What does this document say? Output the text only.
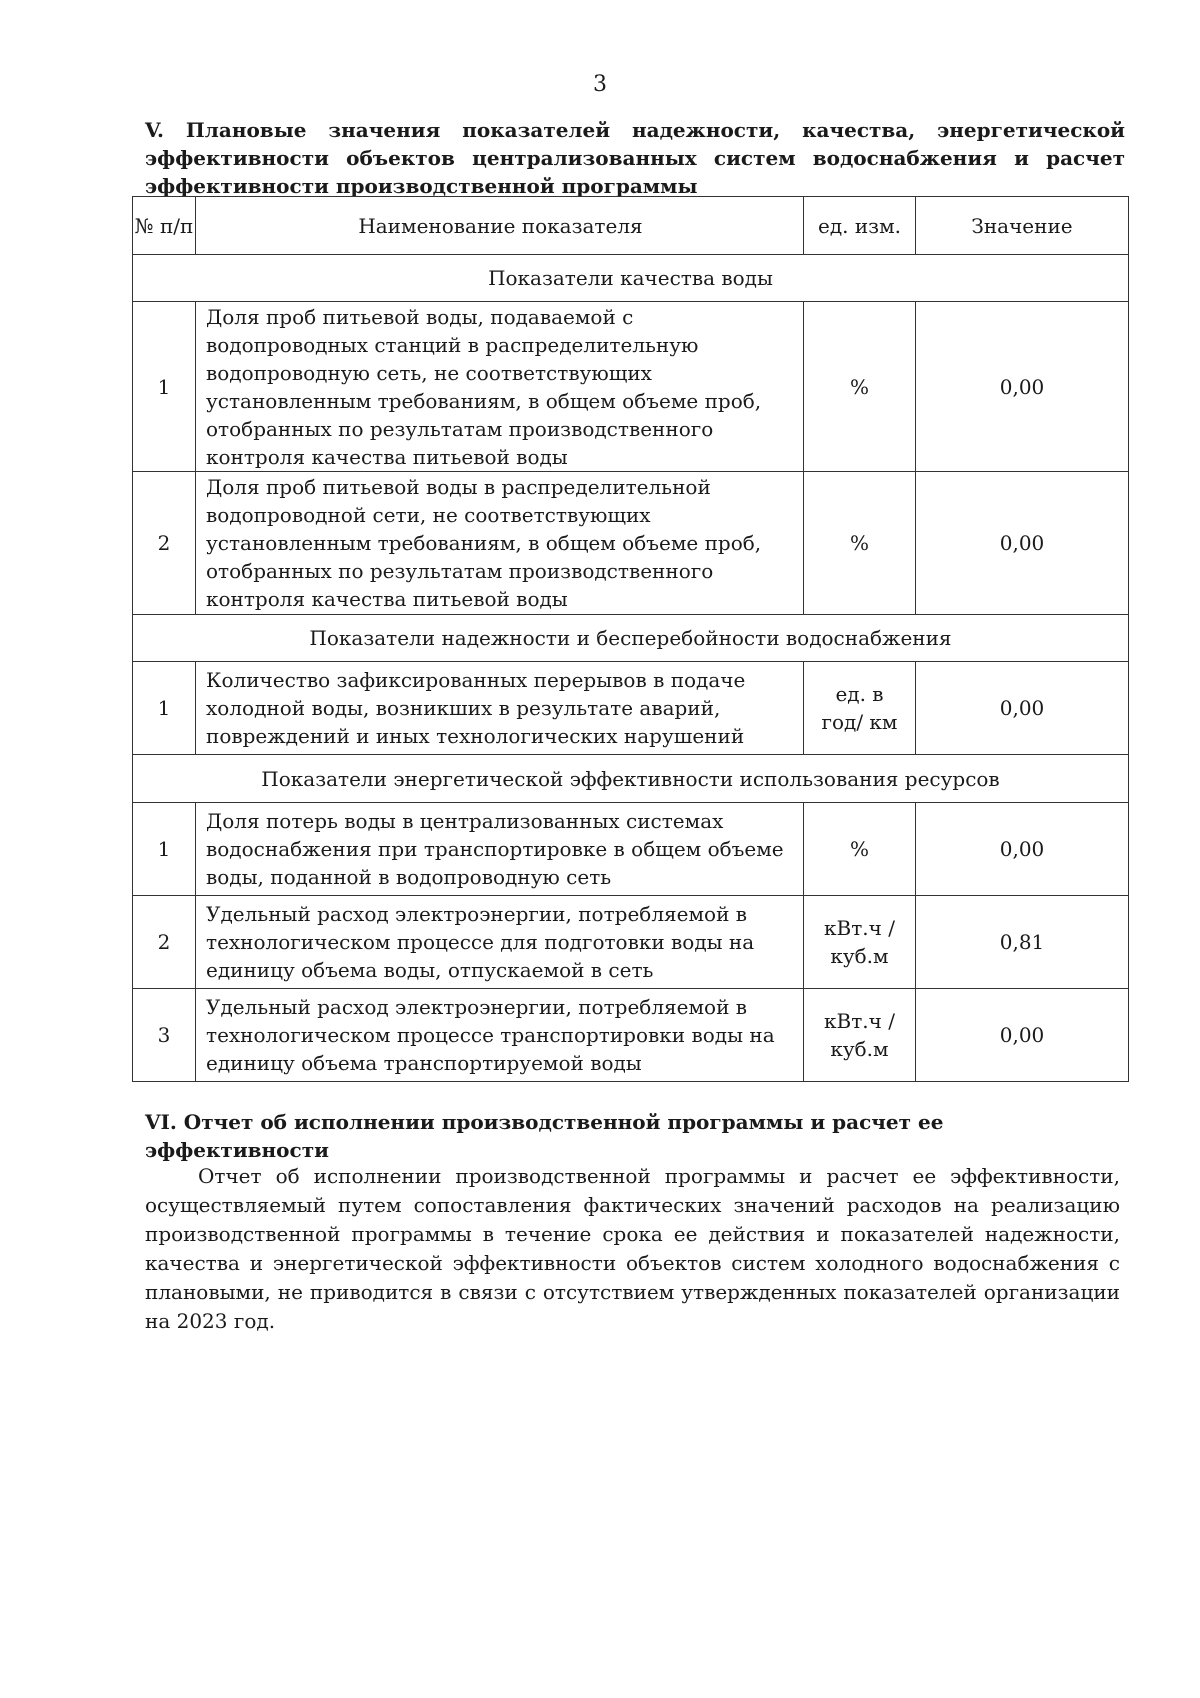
3
V. Плановые значения показателей надежности, качества, энергетической
эффективности объектов централизованных систем водоснабжения и расчет
эффективности производственной программы
№ п/п	Наименование показателя	ед. изм.	Значение
Показатели качества воды			
1	Доля проб питьевой воды, подаваемой с водопроводных станций в распределительную водопроводную сеть, не соответствующих установленным требованиям, в общем объеме проб, отобранных по результатам производственного контроля качества питьевой воды	%	0,00
2	Доля проб питьевой воды в распределительной водопроводной сети, не соответствующих установленным требованиям, в общем объеме проб, отобранных по результатам производственного контроля качества питьевой воды	%	0,00
Показатели надежности и бесперебойности водоснабжения			
1	Количество зафиксированных перерывов в подаче холодной воды, возникших в результате аварий, повреждений и иных технологических нарушений	ед. в год/ км	0,00
Показатели энергетической эффективности использования ресурсов			
1	Доля потерь воды в централизованных системах водоснабжения при транспортировке в общем объеме воды, поданной в водопроводную сеть	%	0,00
2	Удельный расход электроэнергии, потребляемой в технологическом процессе для подготовки воды на единицу объема воды, отпускаемой в сеть	кВт.ч / куб.м	0,81
3	Удельный расход электроэнергии, потребляемой в технологическом процессе транспортировки воды на единицу объема транспортируемой воды	кВт.ч / куб.м	0,00
VI. Отчет об исполнении производственной программы и расчет ее эффективности
Отчет об исполнении производственной программы и расчет ее эффективности, осуществляемый путем сопоставления фактических значений расходов на реализацию производственной программы в течение срока ее действия и показателей надежности, качества и энергетической эффективности объектов систем холодного водоснабжения с плановыми, не приводится в связи с отсутствием утвержденных показателей организации на 2023 год.
